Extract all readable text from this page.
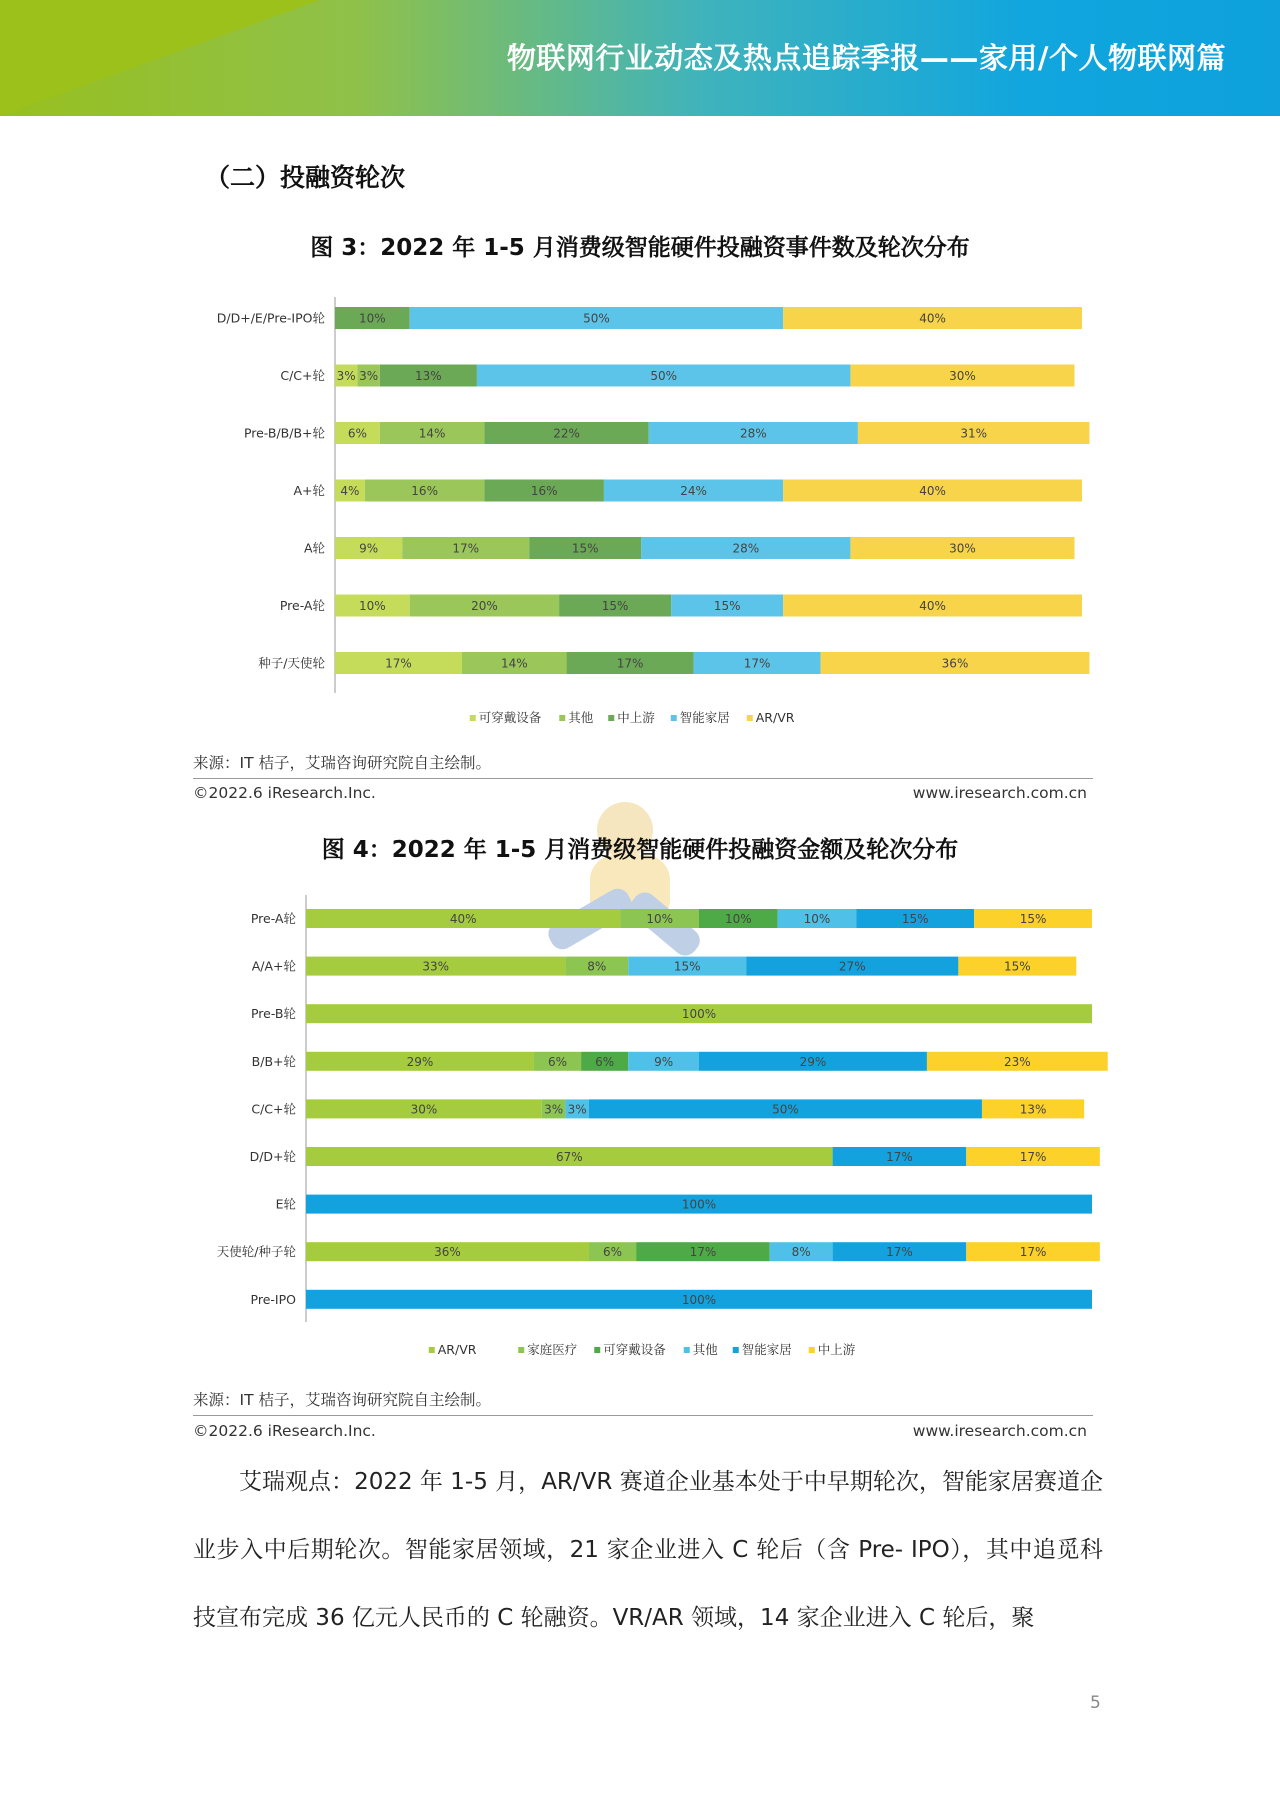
物联网行业动态及热点追踪季报——家用/个人物联网篇
（二）投融资轮次
图 3：2022 年 1-5 月消费级智能硬件投融资事件数及轮次分布
D/D+/E/Pre-IPO轮	10%	50%	40%
C/C+轮 3% 3%	13%	50%	30%
Pre-B/B/B+轮 6%	14%	22%	28%	31%
A+轮 4%	16%	16%	24%	40%
A轮	9%	17%	15%	28%	30%
Pre-A轮	10%	20%	15%	15%	40%
种子/天使轮	17%	14%	17%	17%	36%
可穿戴设备 其他 中上游 智能家居 AR/VR
来源：IT 桔子，艾瑞咨询研究院自主绘制。
©2022.6 iResearch.Inc.	www.iresearch.com.cn
图 4：2022 年 1-5 月消费级智能硬件投融资金额及轮次分布
Pre-A轮	40%	10%	10%	10%	15%	15%
A/A+轮	33%	8%	15%	27%	15%
Pre-B轮	100%
B/B+轮	29%	6% 6%	9%	29%	23%
C/C+轮	30%	3% 3%	50%	13%
D/D+轮	67%	17%	17%
E轮	100%
天使轮/种子轮	36%	6%	17%	8%	17%	17%
Pre-IPO	100%
AR/VR	家庭医疗 可穿戴设备 其他 智能家居 中上游
来源：IT 桔子，艾瑞咨询研究院自主绘制。
©2022.6 iResearch.Inc.	www.iresearch.com.cn
艾瑞观点：2022 年 1-5 月，AR/VR 赛道企业基本处于中早期轮次，智能家居赛道企业步入中后期轮次。智能家居领域，21 家企业进入 C 轮后（含 Pre- IPO），其中追觅科技宣布完成 36 亿元人民币的 C 轮融资。VR/AR 领域，14 家企业进入 C 轮后，聚
5
